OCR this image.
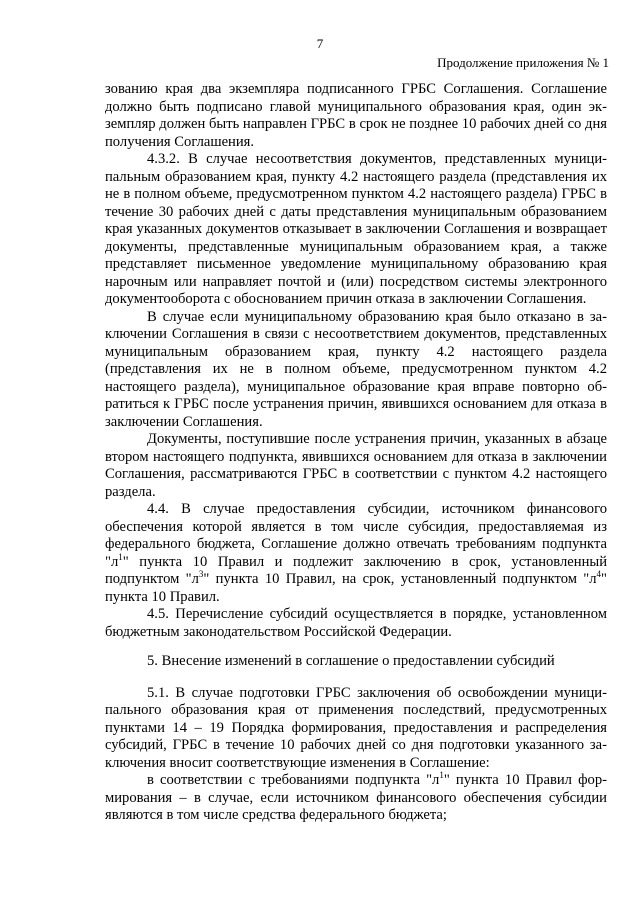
7
Продолжение приложения № 1

зованию края два экземпляра подписанного ГРБС Соглашения. Соглашение должно быть подписано главой муниципального образования края, один экземпляр должен быть направлен ГРБС в срок не позднее 10 рабочих дней со дня получения Соглашения.

4.3.2. В случае несоответствия документов, представленных муниципальным образованием края, пункту 4.2 настоящего раздела (представления их не в полном объеме, предусмотренном пунктом 4.2 настоящего раздела) ГРБС в течение 30 рабочих дней с даты представления муниципальным образованием края указанных документов отказывает в заключении Соглашения и возвращает документы, представленные муниципальным образованием края, а также представляет письменное уведомление муниципальному образованию края нарочным или направляет почтой и (или) посредством системы электронного документооборота с обоснованием причин отказа в заключении Соглашения.

В случае если муниципальному образованию края было отказано в заключении Соглашения в связи с несоответствием документов, представленных муниципальным образованием края, пункту 4.2 настоящего раздела (представления их не в полном объеме, предусмотренном пунктом 4.2 настоящего раздела), муниципальное образование края вправе повторно обратиться к ГРБС после устранения причин, явившихся основанием для отказа в заключении Соглашения.

Документы, поступившие после устранения причин, указанных в абзаце втором настоящего подпункта, явившихся основанием для отказа в заключении Соглашения, рассматриваются ГРБС в соответствии с пунктом 4.2 настоящего раздела.

4.4. В случае предоставления субсидии, источником финансового обеспечения которой является в том числе субсидия, предоставляемая из федерального бюджета, Соглашение должно отвечать требованиям подпункта "$л^1$" пункта 10 Правил и подлежит заключению в срок, установленный подпунктом "$л^3$" пункта 10 Правил, на срок, установленный подпунктом "$л^4$" пункта 10 Правил.

4.5. Перечисление субсидий осуществляется в порядке, установленном бюджетным законодательством Российской Федерации.

5. Внесение изменений в соглашение о предоставлении субсидий

5.1. В случае подготовки ГРБС заключения об освобождении муниципального образования края от применения последствий, предусмотренных пунктами 14 – 19 Порядка формирования, предоставления и распределения субсидий, ГРБС в течение 10 рабочих дней со дня подготовки указанного заключения вносит соответствующие изменения в Соглашение:

в соответствии с требованиями подпункта "$л^1$" пункта 10 Правил формирования – в случае, если источником финансового обеспечения субсидии являются в том числе средства федерального бюджета;
